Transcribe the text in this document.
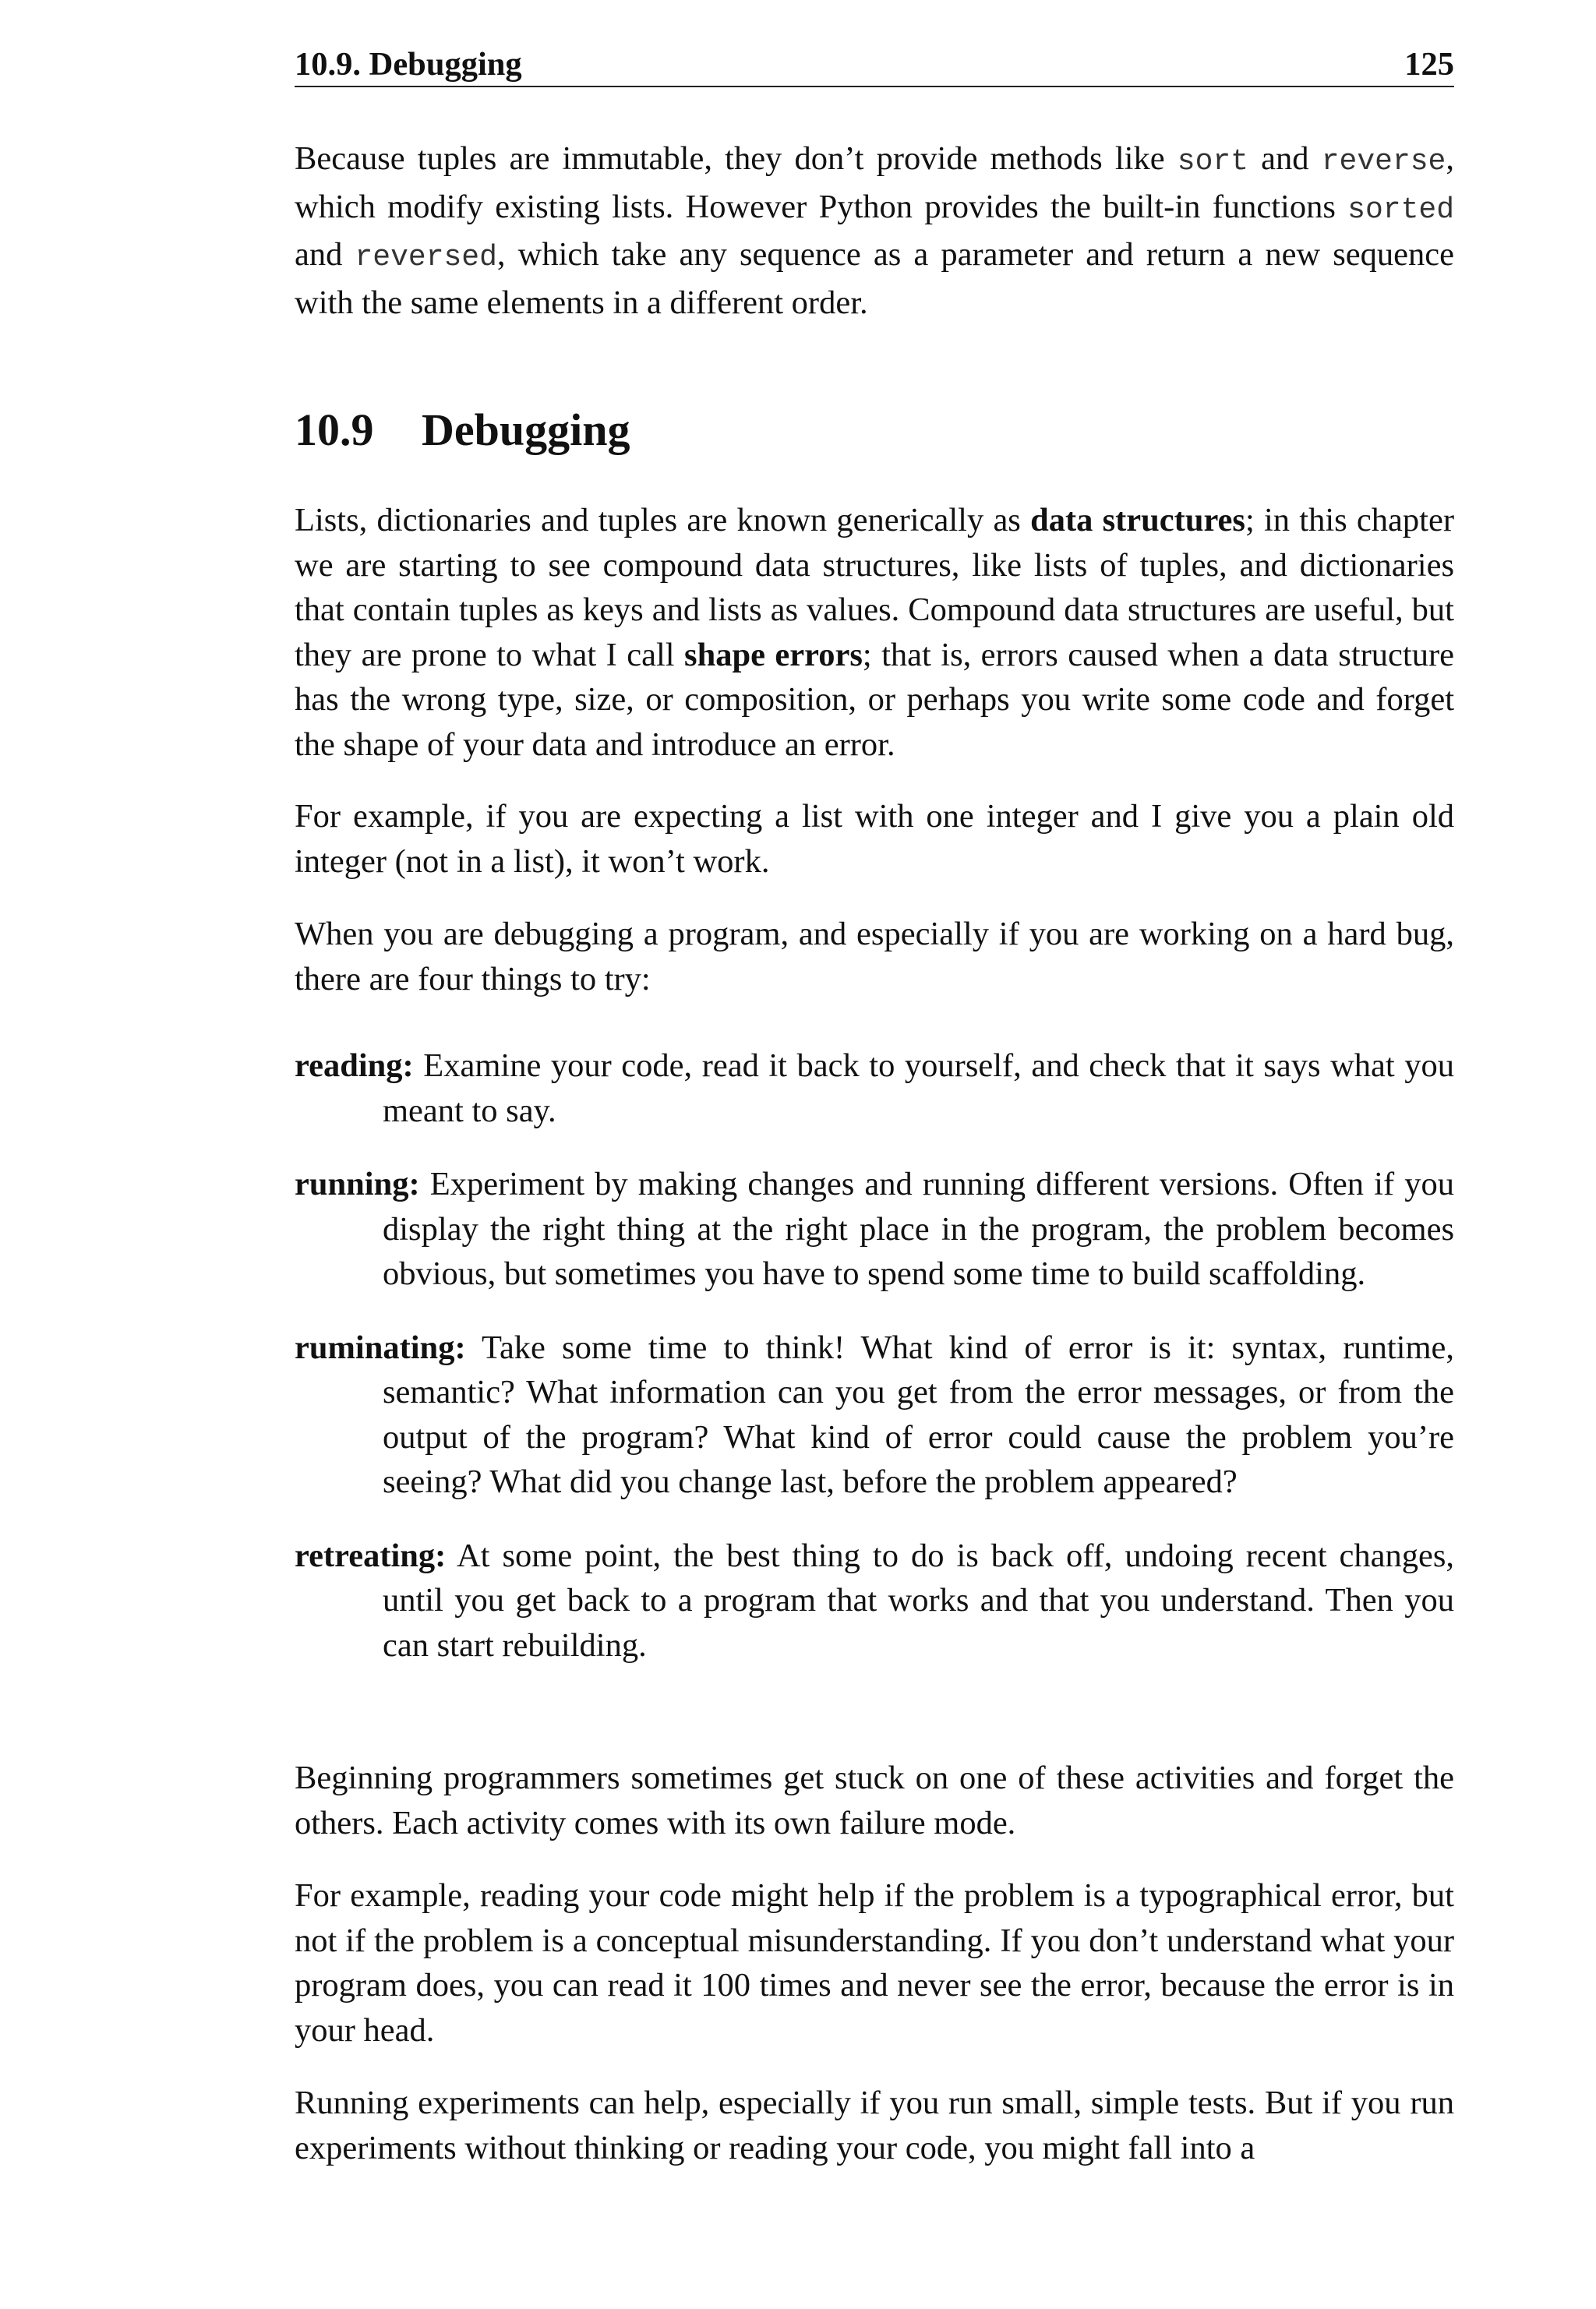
10.9. Debugging	125

Because tuples are immutable, they don’t provide methods like sort and reverse, which modify existing lists. However Python provides the built-in functions sorted and reversed, which take any sequence as a parameter and return a new sequence with the same elements in a different order.

10.9 Debugging

Lists, dictionaries and tuples are known generically as data structures; in this chapter we are starting to see compound data structures, like lists of tuples, and dictionaries that contain tuples as keys and lists as values. Compound data structures are useful, but they are prone to what I call shape errors; that is, errors caused when a data structure has the wrong type, size, or composition, or perhaps you write some code and forget the shape of your data and introduce an error.

For example, if you are expecting a list with one integer and I give you a plain old integer (not in a list), it won’t work.

When you are debugging a program, and especially if you are working on a hard bug, there are four things to try:

reading: Examine your code, read it back to yourself, and check that it says what you meant to say.
running: Experiment by making changes and running different versions. Often if you display the right thing at the right place in the program, the problem becomes obvious, but sometimes you have to spend some time to build scaffolding.
ruminating: Take some time to think! What kind of error is it: syntax, runtime, semantic? What information can you get from the error messages, or from the output of the program? What kind of error could cause the problem you’re seeing? What did you change last, before the problem appeared?
retreating: At some point, the best thing to do is back off, undoing recent changes, until you get back to a program that works and that you understand. Then you can start rebuilding.

Beginning programmers sometimes get stuck on one of these activities and forget the others. Each activity comes with its own failure mode.

For example, reading your code might help if the problem is a typographical error, but not if the problem is a conceptual misunderstanding. If you don’t understand what your program does, you can read it 100 times and never see the error, because the error is in your head.

Running experiments can help, especially if you run small, simple tests. But if you run experiments without thinking or reading your code, you might fall into a
